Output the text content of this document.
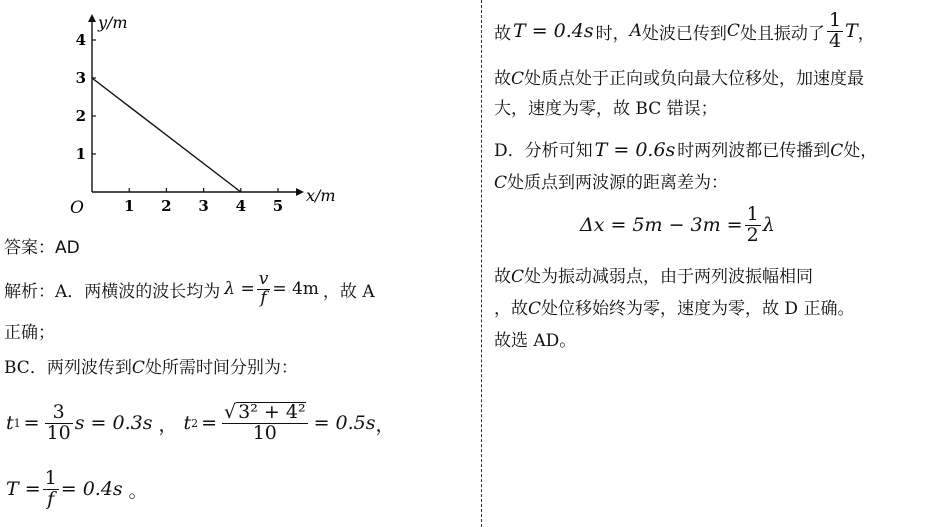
y/m
x/m
O	1 2 3 4 5
1
2
3
4
答案：AD
解析： A．两横波的波长均为 $\lambda = \frac{v}{f} = 4m$ ，故 A
正确；
BC．两列波传到C处所需时间分别为：
t $1 = \frac{3}{10}$ s = 0.3s ， t $2 = \frac{\text{√ 3² + 4²}}{10} = 0.5s$ ，
$T = \frac{1}{f} = 0.4s$ 。
故 T = 0.4s 时， A 处波已传到 C 处且振动了 $\frac{1}{4}$ T ，
故C处质点处于正向或负向最大位移处，加速度最
大，速度为零，故 BC 错误；
D．分析可知 T = 0.6s 时两列波都已传播到C处，
C处质点到两波源的距离差为：
$\Delta x = 5m - 3m = \frac{1}{2}$ λ
故C处为振动减弱点，由于两列波振幅相同
，故C处位移始终为零，速度为零，故 D 正确。
故选 AD。
